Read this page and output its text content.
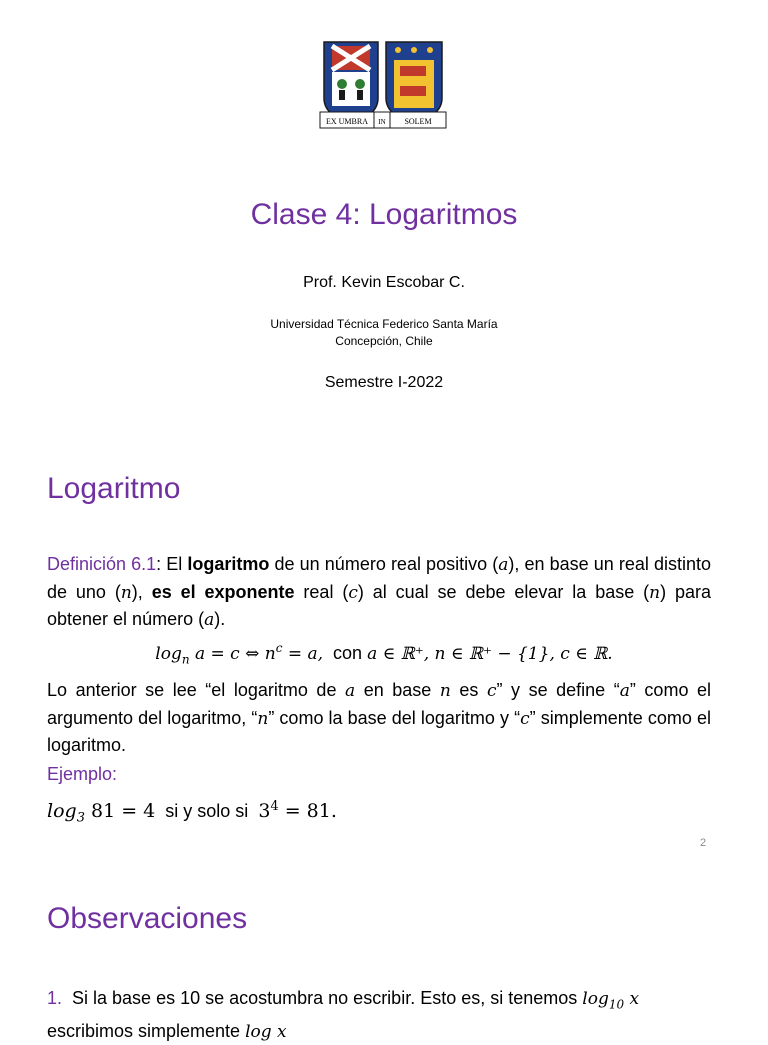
EX UMBRA IN SOLEM
Clase 4: Logaritmos
Prof. Kevin Escobar C.
Universidad Técnica Federico Santa María
Concepción, Chile
Semestre I-2022
Logaritmo
Definición 6.1: El logaritmo de un número real positivo (a), en base un real distinto de uno (n), es el exponente real (c) al cual se debe elevar la base (n) para obtener el número (a).
$\log_n a = c$ ⇔ $n^c = a$,  con a ∈ ℝ⁺, n ∈ ℝ⁺ − {1}, c ∈ ℝ.
Lo anterior se lee “el logaritmo de a en base n es c” y se define “a” como el argumento del logaritmo, “n” como la base del logaritmo y “c” simplemente como el logaritmo.
Ejemplo:
$\log_3 81 = 4$  si y solo si  $3^4 = 81$.
2
Observaciones
1.  Si la base es 10 se acostumbra no escribir. Esto es, si tenemos $\log_{10} x$
escribimos simplemente log x
